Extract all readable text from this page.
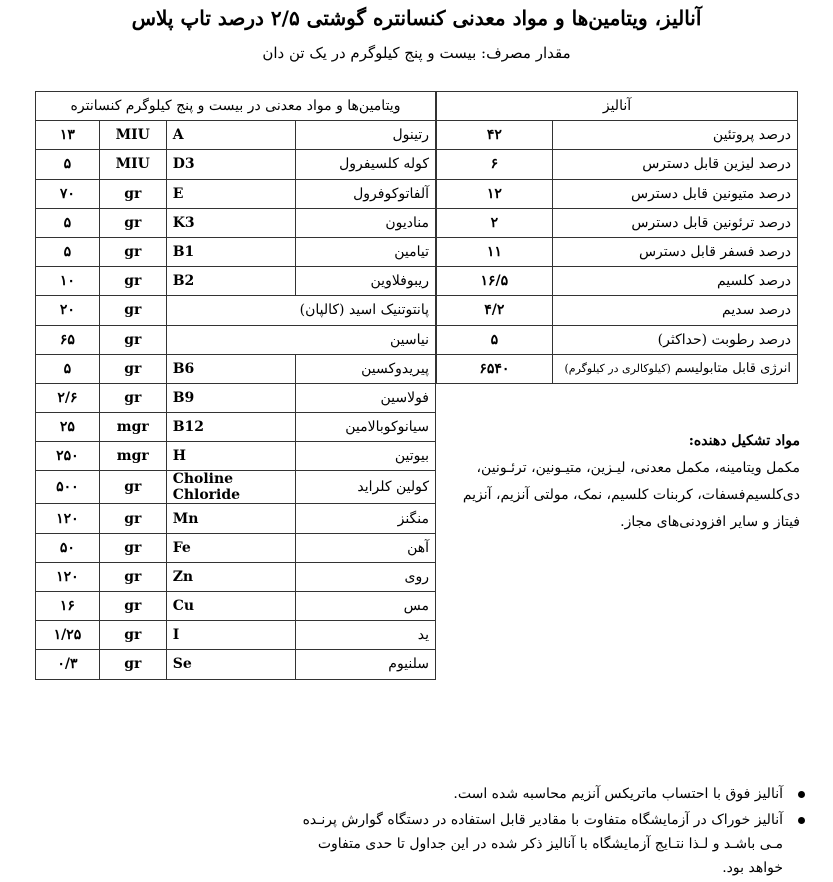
آنالیز، ویتامین‌ها و مواد معدنی کنسانتره گوشتی ۲/۵ درصد تاپ پلاس
مقدار مصرف: بیست و پنج کیلوگرم در یک تن دان
آنالیز	
درصد پروتئین	۴۲
درصد لیزین قابل دسترس	۶
درصد متیونین قابل دسترس	۱۲
درصد ترئونین قابل دسترس	۲
درصد فسفر قابل دسترس	۱۱
درصد کلسیم	۱۶/۵
درصد سدیم	۴/۲
درصد رطوبت (حداکثر)	۵
انرژی قابل متابولیسم (کیلوکالری در کیلوگرم)	۶۵۴۰
ویتامین‌ها و مواد معدنی در بیست و پنج کیلوگرم کنسانتره			
رتینول	A	MIU	۱۳
کوله کلسیفرول	D3	MIU	۵
آلفاتوکوفرول	E	gr	۷۰
منادیون	K3	gr	۵
تیامین	B1	gr	۵
ریبوفلاوین	B2	gr	۱۰
پانتوتنیک اسید (کالپان)		gr	۲۰
نیاسین		gr	۶۵
پیریدوکسین	B6	gr	۵
فولاسین	B9	gr	۲/۶
سیانوکوبالامین	B12	mgr	۲۵
بیوتین	H	mgr	۲۵۰
کولین کلراید	Choline Chloride	gr	۵۰۰
منگنز	Mn	gr	۱۲۰
آهن	Fe	gr	۵۰
روی	Zn	gr	۱۲۰
مس	Cu	gr	۱۶
ید	I	gr	۱/۲۵
سلنیوم	Se	gr	۰/۳
مواد تشکیل دهنده:
مکمل ویتامینه، مکمل معدنی، لیـزین، متیـونین، ترئـونین،
دی‌کلسیم‌فسفات، کربنات کلسیم، نمک، مولتی آنزیم، آنزیم
فیتاز و سایر افزودنی‌های مجاز.
آنالیز فوق با احتساب ماتریکس آنزیم محاسبه شده است.
آنالیز خوراک در آزمایشگاه متفاوت با مقادیر قابل استفاده در دستگاه گوارش پرنـده مـی باشـد و لـذا نتـایج آزمایشگاه با آنالیز ذکر شده در این جداول تا حدی متفاوت خواهد بود.
